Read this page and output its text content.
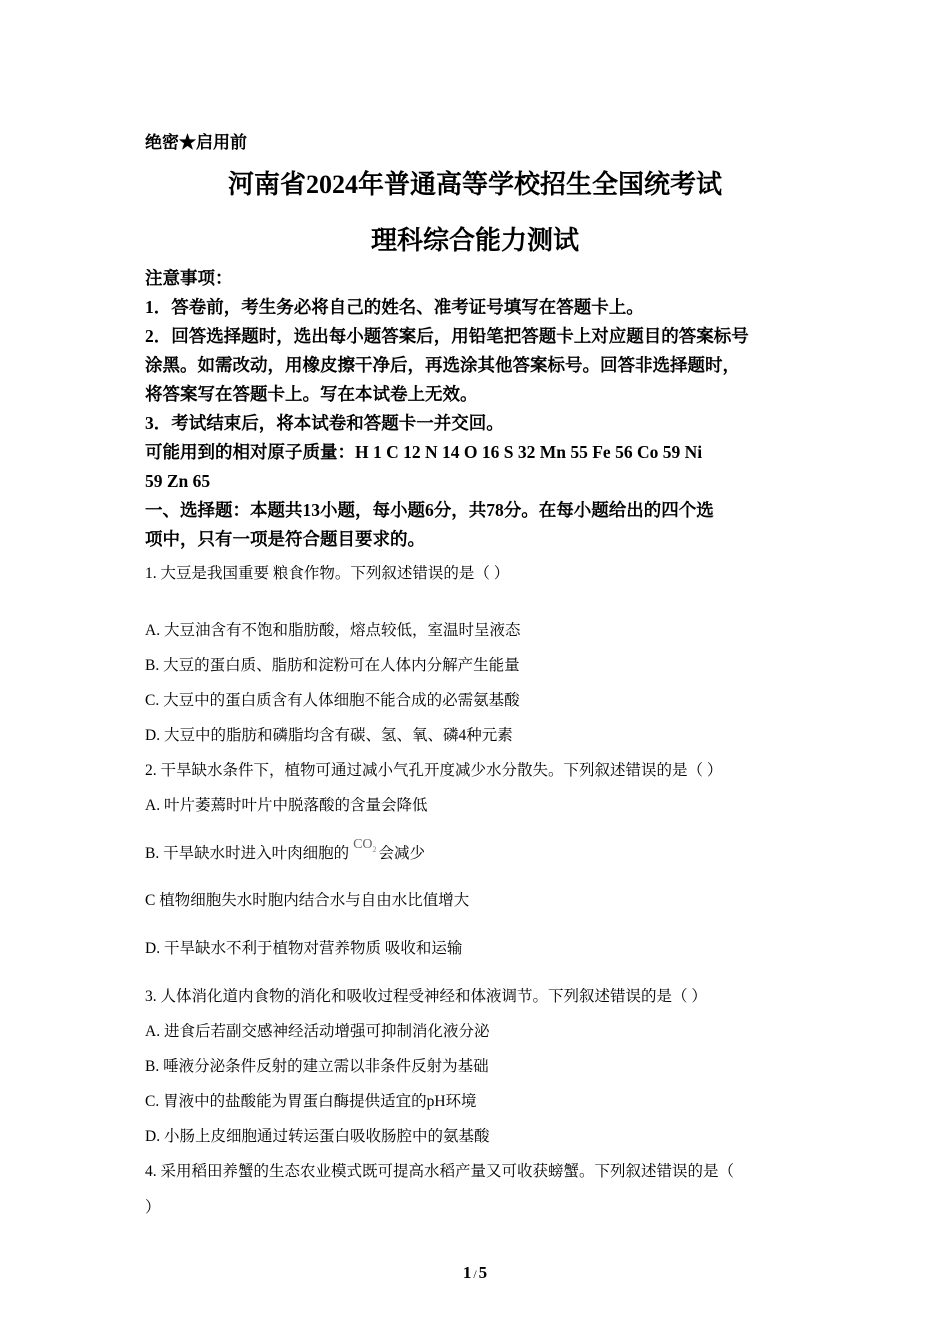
绝密★启用前
河南省2024年普通高等学校招生全国统考试
理科综合能力测试
注意事项：
1．答卷前，考生务必将自己的姓名、准考证号填写在答题卡上。
2．回答选择题时，选出每小题答案后，用铅笔把答题卡上对应题目的答案标号
涂黑。如需改动，用橡皮擦干净后，再选涂其他答案标号。回答非选择题时，
将答案写在答题卡上。写在本试卷上无效。
3．考试结束后，将本试卷和答题卡一并交回。
可能用到的相对原子质量：H 1 C 12 N 14 O 16 S 32 Mn 55 Fe 56 Co 59 Ni
59 Zn 65
一、选择题：本题共13小题，每小题6分，共78分。在每小题给出的四个选
项中，只有一项是符合题目要求的。
1. 大豆是我国重要 粮食作物。下列叙述错误的是（ ）
A. 大豆油含有不饱和脂肪酸，熔点较低，室温时呈液态
B. 大豆的蛋白质、脂肪和淀粉可在人体内分解产生能量
C. 大豆中的蛋白质含有人体细胞不能合成的必需氨基酸
D. 大豆中的脂肪和磷脂均含有碳、氢、氧、磷4种元素
2. 干旱缺水条件下，植物可通过减小气孔开度减少水分散失。下列叙述错误的是（ ）
A. 叶片萎蔫时叶片中脱落酸的含量会降低
B. 干旱缺水时进入叶肉细胞的$CO_2$ 会减少
C 植物细胞失水时胞内结合水与自由水比值增大
D. 干旱缺水不利于植物对营养物质 吸收和运输
3. 人体消化道内食物的消化和吸收过程受神经和体液调节。下列叙述错误的是（ ）
A. 进食后若副交感神经活动增强可抑制消化液分泌
B. 唾液分泌条件反射的建立需以非条件反射为基础
C. 胃液中的盐酸能为胃蛋白酶提供适宜的pH环境
D. 小肠上皮细胞通过转运蛋白吸收肠腔中的氨基酸
4. 采用稻田养蟹的生态农业模式既可提高水稻产量又可收获螃蟹。下列叙述错误的是（
）
1 / 5
